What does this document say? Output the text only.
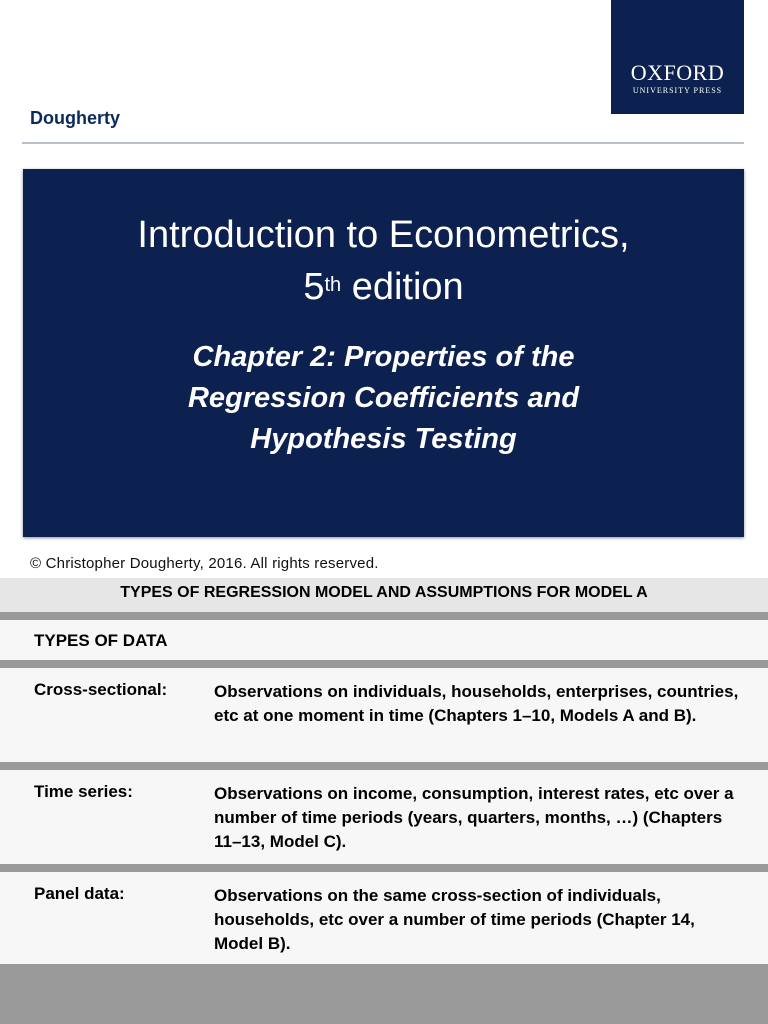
Dougherty
OXFORD
UNIVERSITY PRESS
Introduction to Econometrics,
5th edition
Chapter 2: Properties of the
Regression Coefficients and
Hypothesis Testing
© Christopher Dougherty, 2016. All rights reserved.
TYPES OF REGRESSION MODEL AND ASSUMPTIONS FOR MODEL A
TYPES OF DATA
Cross-sectional:	Observations on individuals, households, enterprises, countries, etc at one moment in time (Chapters 1–10, Models A and B).
Time series:	Observations on income, consumption, interest rates, etc over a number of time periods (years, quarters, months, …) (Chapters 11–13, Model C).
Panel data:	Observations on the same cross-section of individuals, households, etc over a number of time periods (Chapter 14, Model B).
